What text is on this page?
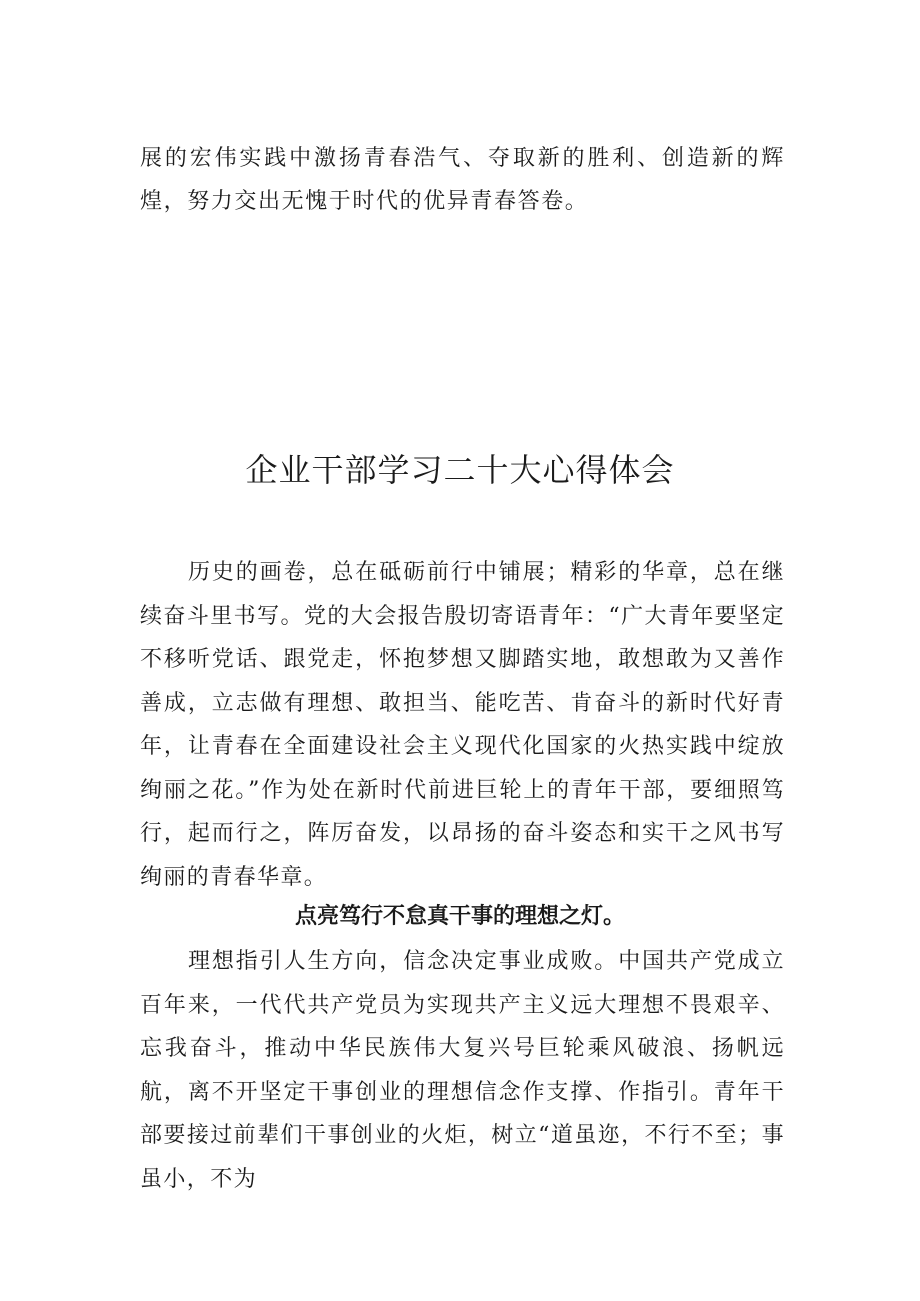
展的宏伟实践中激扬青春浩气、夺取新的胜利、创造新的辉煌，努力交出无愧于时代的优异青春答卷。

企业干部学习二十大心得体会

历史的画卷，总在砥砺前行中铺展；精彩的华章，总在继续奋斗里书写。党的大会报告殷切寄语青年：“广大青年要坚定不移听党话、跟党走，怀抱梦想又脚踏实地，敢想敢为又善作善成，立志做有理想、敢担当、能吃苦、肯奋斗的新时代好青年，让青春在全面建设社会主义现代化国家的火热实践中绽放绚丽之花。”作为处在新时代前进巨轮上的青年干部，要细照笃行，起而行之，阵厉奋发，以昂扬的奋斗姿态和实干之风书写绚丽的青春华章。

点亮笃行不怠真干事的理想之灯。

理想指引人生方向，信念决定事业成败。中国共产党成立百年来，一代代共产党员为实现共产主义远大理想不畏艰辛、忘我奋斗，推动中华民族伟大复兴号巨轮乘风破浪、扬帆远航，离不开坚定干事创业的理想信念作支撑、作指引。青年干部要接过前辈们干事创业的火炬，树立“道虽迩，不行不至；事虽小，不为
